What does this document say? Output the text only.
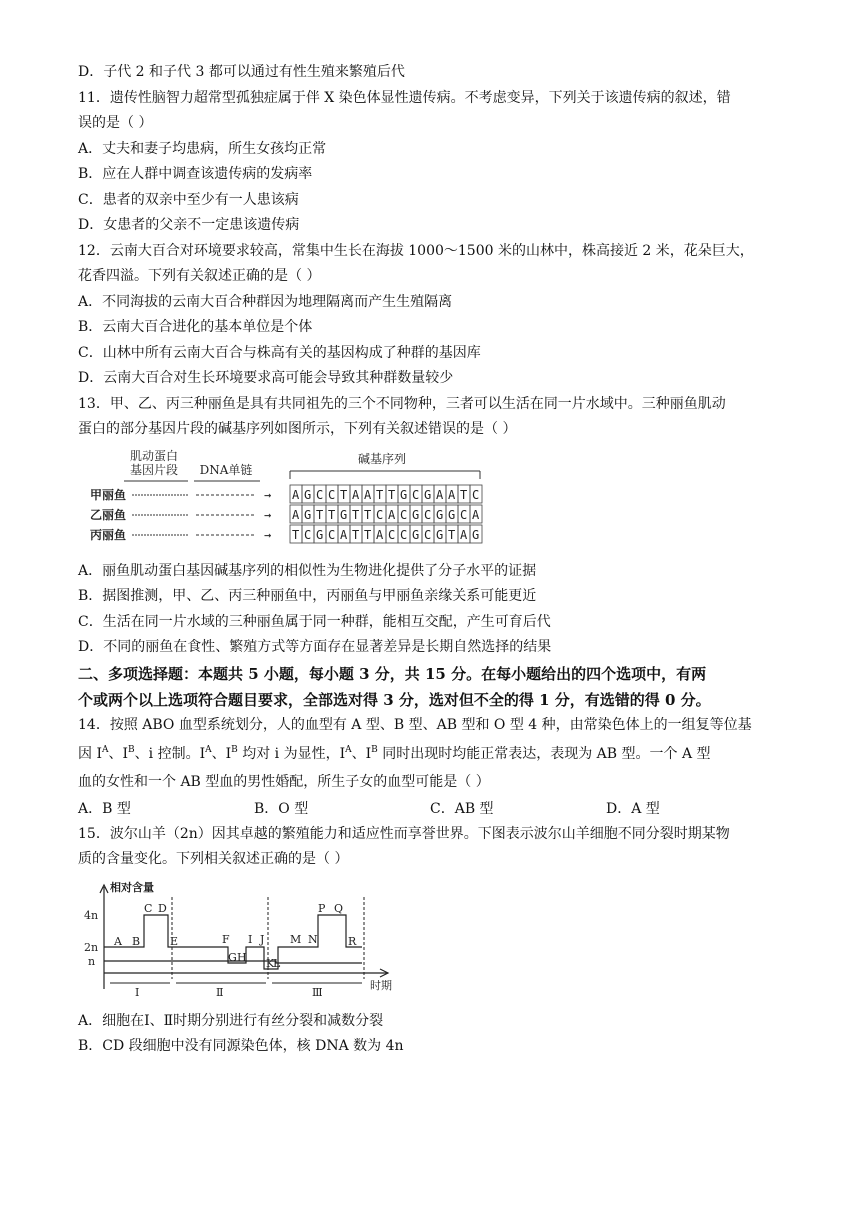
D．子代 2 和子代 3 都可以通过有性生殖来繁殖后代
11．遗传性脑智力超常型孤独症属于伴 X 染色体显性遗传病。不考虑变异，下列关于该遗传病的叙述，错
误的是（ ）
A．丈夫和妻子均患病，所生女孩均正常
B．应在人群中调查该遗传病的发病率
C．患者的双亲中至少有一人患该病
D．女患者的父亲不一定患该遗传病
12．云南大百合对环境要求较高，常集中生长在海拔 1000～1500 米的山林中，株高接近 2 米，花朵巨大，
花香四溢。下列有关叙述正确的是（ ）
A．不同海拔的云南大百合种群因为地理隔离而产生生殖隔离
B．云南大百合进化的基本单位是个体
C．山林中所有云南大百合与株高有关的基因构成了种群的基因库
D．云南大百合对生长环境要求高可能会导致其种群数量较少
13．甲、乙、丙三种丽鱼是具有共同祖先的三个不同物种，三者可以生活在同一片水域中。三种丽鱼肌动
蛋白的部分基因片段的碱基序列如图所示，下列有关叙述错误的是（ ）
肌动蛋白
基因片段 DNA单链
碱基序列
甲丽鱼	→ A G C C T A A T T G C G A A T C
乙丽鱼	→ A G T T G T T C A C G C G G C A
丙丽鱼	→ T C G C A T T A C C G C G T A G
A．丽鱼肌动蛋白基因碱基序列的相似性为生物进化提供了分子水平的证据
B．据图推测，甲、乙、丙三种丽鱼中，丙丽鱼与甲丽鱼亲缘关系可能更近
C．生活在同一片水域的三种丽鱼属于同一种群，能相互交配，产生可育后代
D．不同的丽鱼在食性、繁殖方式等方面存在显著差异是长期自然选择的结果
二、多项选择题：本题共 5 小题，每小题 3 分，共 15 分。在每小题给出的四个选项中，有两
个或两个以上选项符合题目要求，全部选对得 3 分，选对但不全的得 1 分，有选错的得 0 分。
14．按照 ABO 血型系统划分，人的血型有 A 型、B 型、AB 型和 O 型 4 种，由常染色体上的一组复等位基
因 $I^A$、$I^B$、i 控制。$I^A$、$I^B$ 均对 i 为显性，$I^A$、$I^B$ 同时出现时均能正常表达，表现为 AB 型。一个 A 型
血的女性和一个 AB 型血的男性婚配，所生子女的血型可能是（ ）
A．B 型	B．O 型	C．AB 型	D．A 型
15．波尔山羊（2n）因其卓越的繁殖能力和适应性而享誉世界。下图表示波尔山羊细胞不同分裂时期某物
质的含量变化。下列相关叙述正确的是（ ）
相对含量
时期
4n
2n
n
Ⅰ	Ⅱ	Ⅲ
A B
C D
E	F
G H
I J
K
L
M N
P Q
R
A．细胞在Ⅰ、Ⅱ时期分别进行有丝分裂和减数分裂
B．CD 段细胞中没有同源染色体，核 DNA 数为 4n
